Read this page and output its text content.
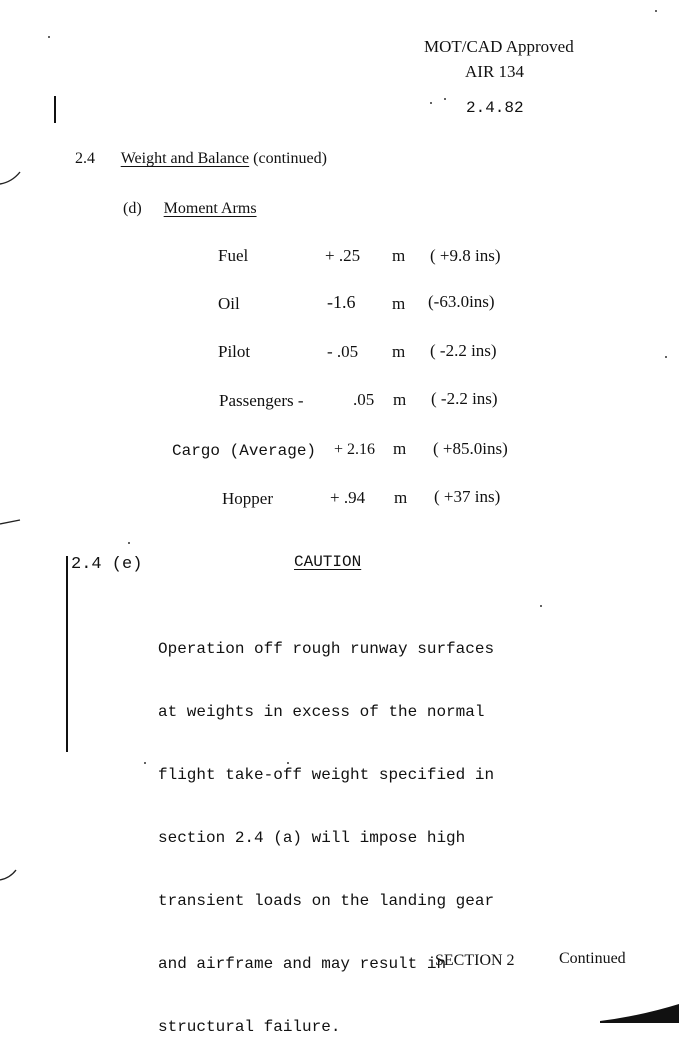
MOT/CAD Approved
AIR 134
2.4.82
2.4 Weight and Balance (continued)
(d) Moment Arms
Fuel	+ .25 m ( +9.8 ins)
Oil	-1.6 m (-63.0ins)
Pilot	- .05 m ( -2.2 ins)
Passengers -	.05 m ( -2.2 ins)
Cargo (Average) + 2.16 m ( +85.0ins)
Hopper	+ .94 m ( +37 ins)
2.4 (e)	CAUTION

Operation off rough runway surfaces

at weights in excess of the normal

flight take-off weight specified in

section 2.4 (a) will impose high

transient loads on the landing gear

and airframe and may result in

structural failure.

SECTION 2	Continued
